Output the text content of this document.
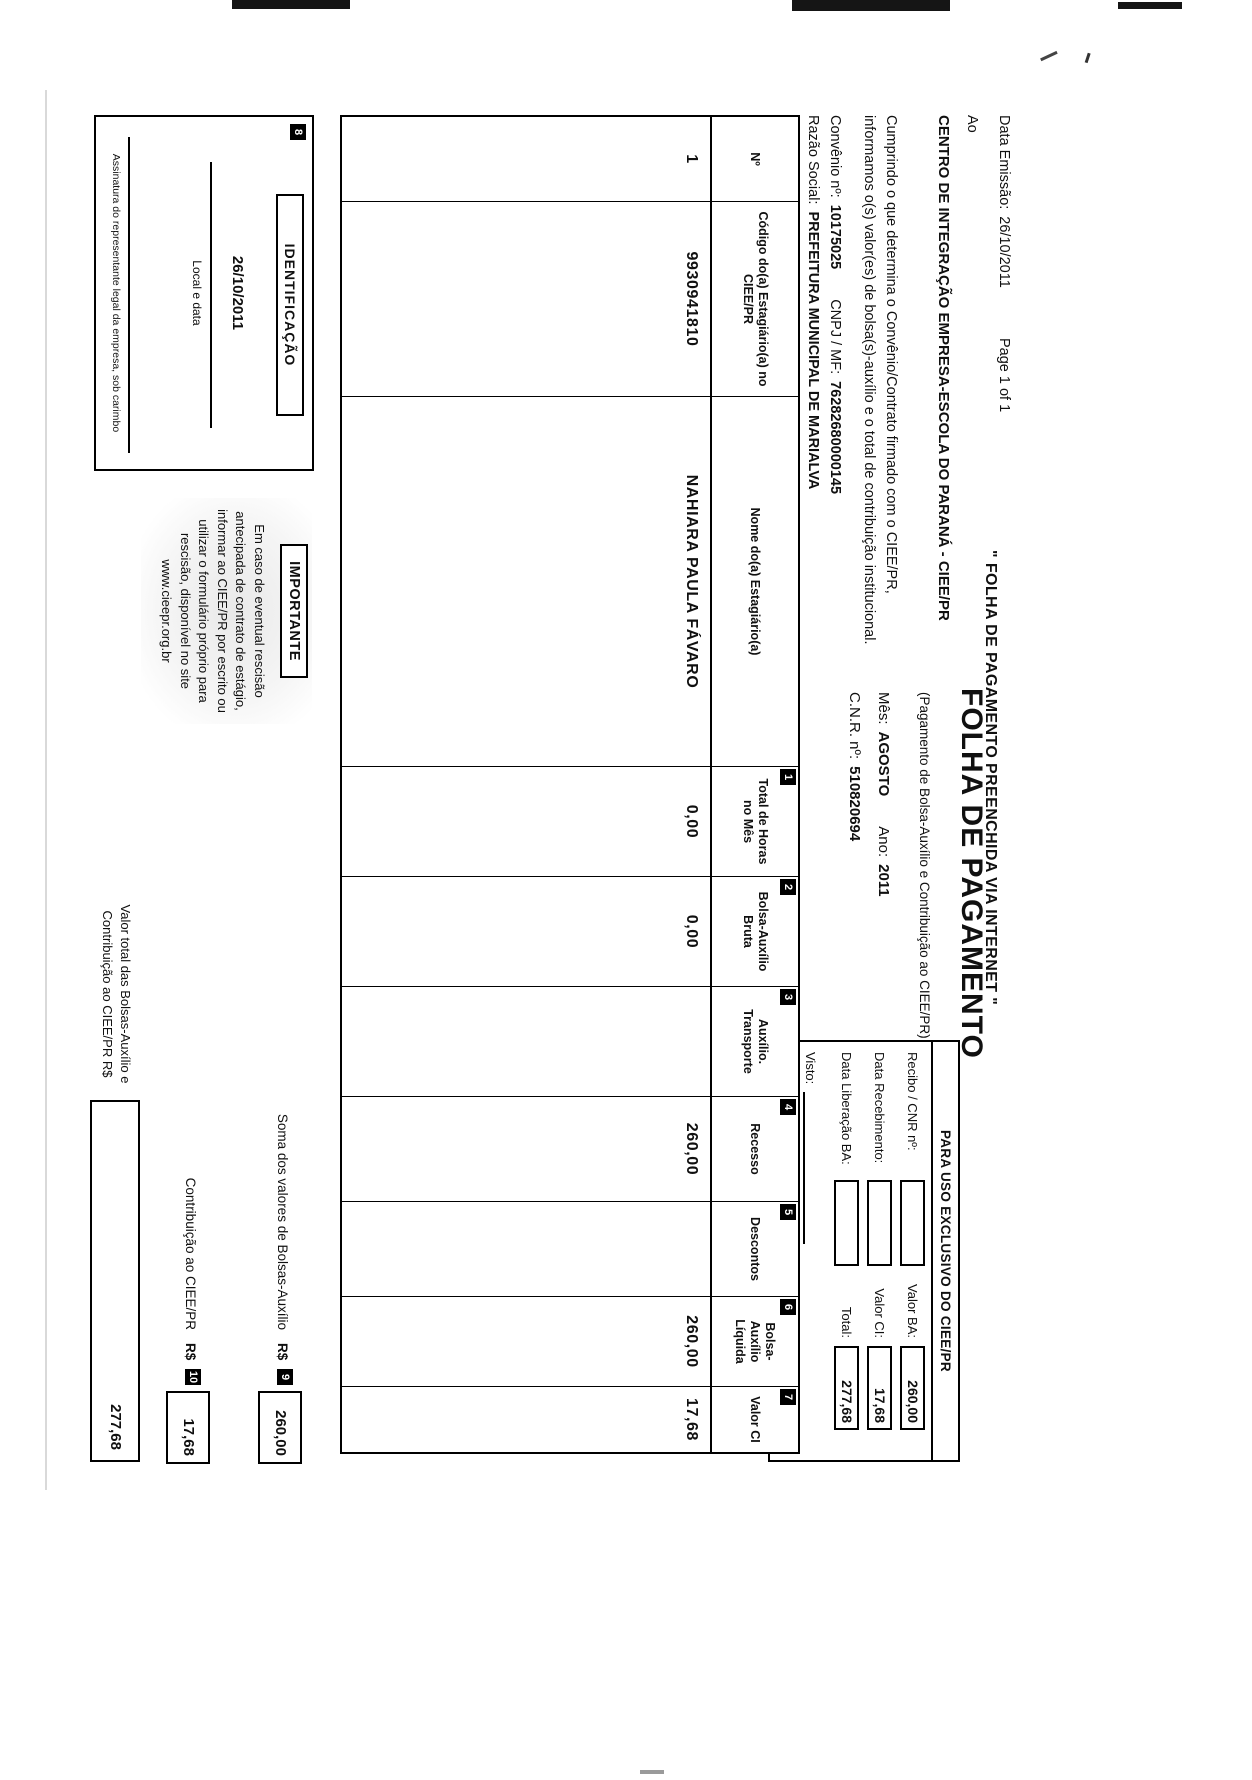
Data Emissão:26/10/2011
Page 1 of 1
Ao
CENTRO DE INTEGRAÇÃO EMPRESA-ESCOLA DO PARANÁ - CIEE/PR
Cumprindo o que determina o Convênio/Contrato firmado com o CIEE/PR,
informamos o(s) valor(es) de bolsa(s)-auxílio e o total de contribuição institucional.
Convênio nº:10175025CNPJ / MF:76282680000145
Razão Social:PREFEITURA MUNICIPAL DE MARIALVA
" FOLHA DE PAGAMENTO PREENCHIDA VIA INTERNET "
FOLHA DE PAGAMENTO
(Pagamento de Bolsa-Auxílio e Contribuição ao CIEE/PR)
Mês:AGOSTOAno:2011
C.N.R. nº:510820694
PARA USO EXCLUSIVO DO CIEE/PR
Recibo / CNR nº:
Valor BA:
260,00
Data Recebimento:
Valor CI:
17,68
Data Liberação BA:
Total:
277,68
Visto:
Nº
Código do(a) Estagiário(a) no CIEE/PR
Nome do(a) Estagiário(a)
1
Total de Horas no Mês
2
Bolsa-Auxílio Bruta
3
Auxílio. Transporte
4
Recesso
5
Descontos
6
Bolsa-Auxílio Líquida
7
Valor CI
1
9930941810
NAHIARA PAULA FÁVARO
0,00
0,00
260,00
260,00
17,68
8
IDENTIFICAÇÃO
26/10/2011
Local e data
Assinatura do representante legal da empresa, sob carimbo
IMPORTANTE
Em caso de eventual rescisão antecipada de contrato de estágio, informar ao CIEE/PR por escrito ou utilizar o formulário próprio para rescisão, disponível no site www.cieepr.org.br
Soma dos valores de Bolsas-Auxílio
R$
9
260,00
Contribuição ao CIEE/PR
R$
10
17,68
Valor total das Bolsas-Auxílio e
Contribuição ao CIEE/PR R$
277,68
